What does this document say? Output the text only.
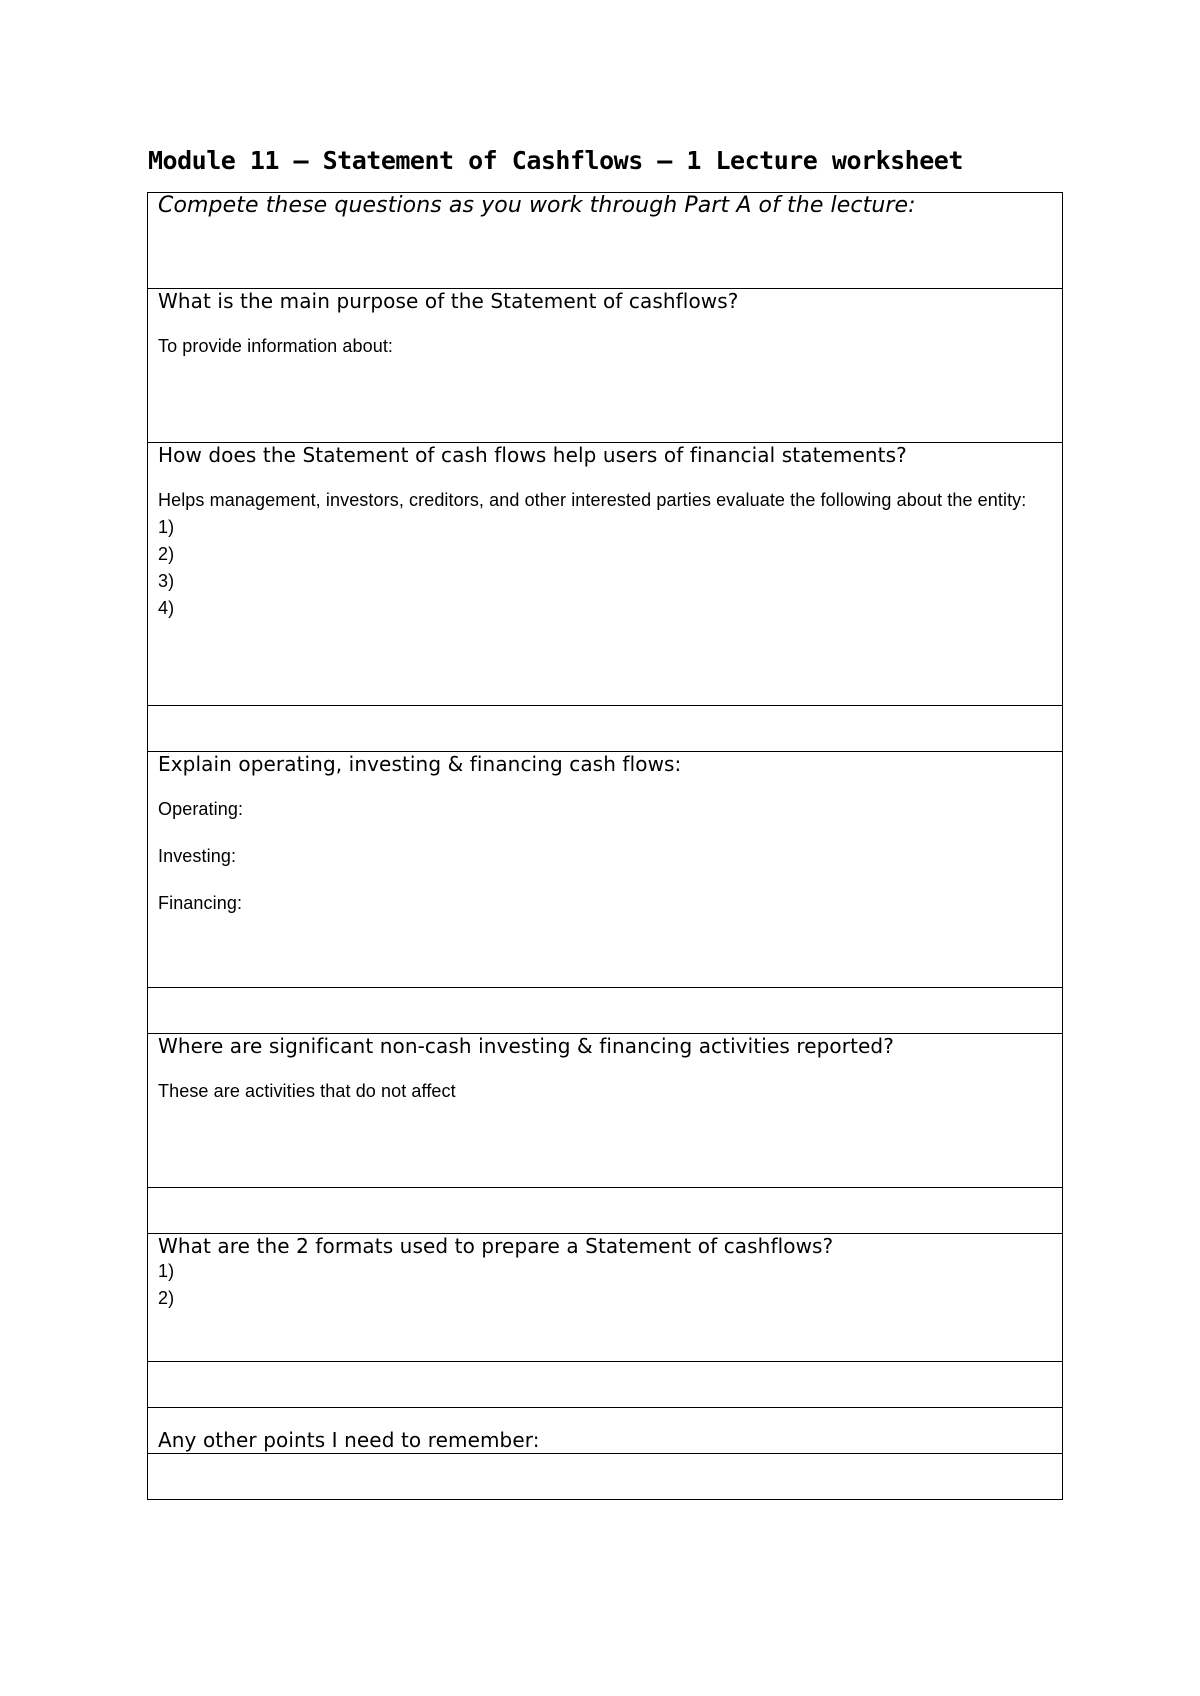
Module 11 – Statement of Cashflows – 1 Lecture worksheet
Compete these questions as you work through Part A of the lecture:

What is the main purpose of the Statement of cashflows?
To provide information about:

How does the Statement of cash flows help users of financial statements?
Helps management, investors, creditors, and other interested parties evaluate the following about the entity:
1)
2)
3)
4)

Explain operating, investing & financing cash flows:
Operating:
Investing:
Financing:

Where are significant non-cash investing & financing activities reported?
These are activities that do not affect

What are the 2 formats used to prepare a Statement of cashflows?
1)
2)

Any other points I need to remember:
